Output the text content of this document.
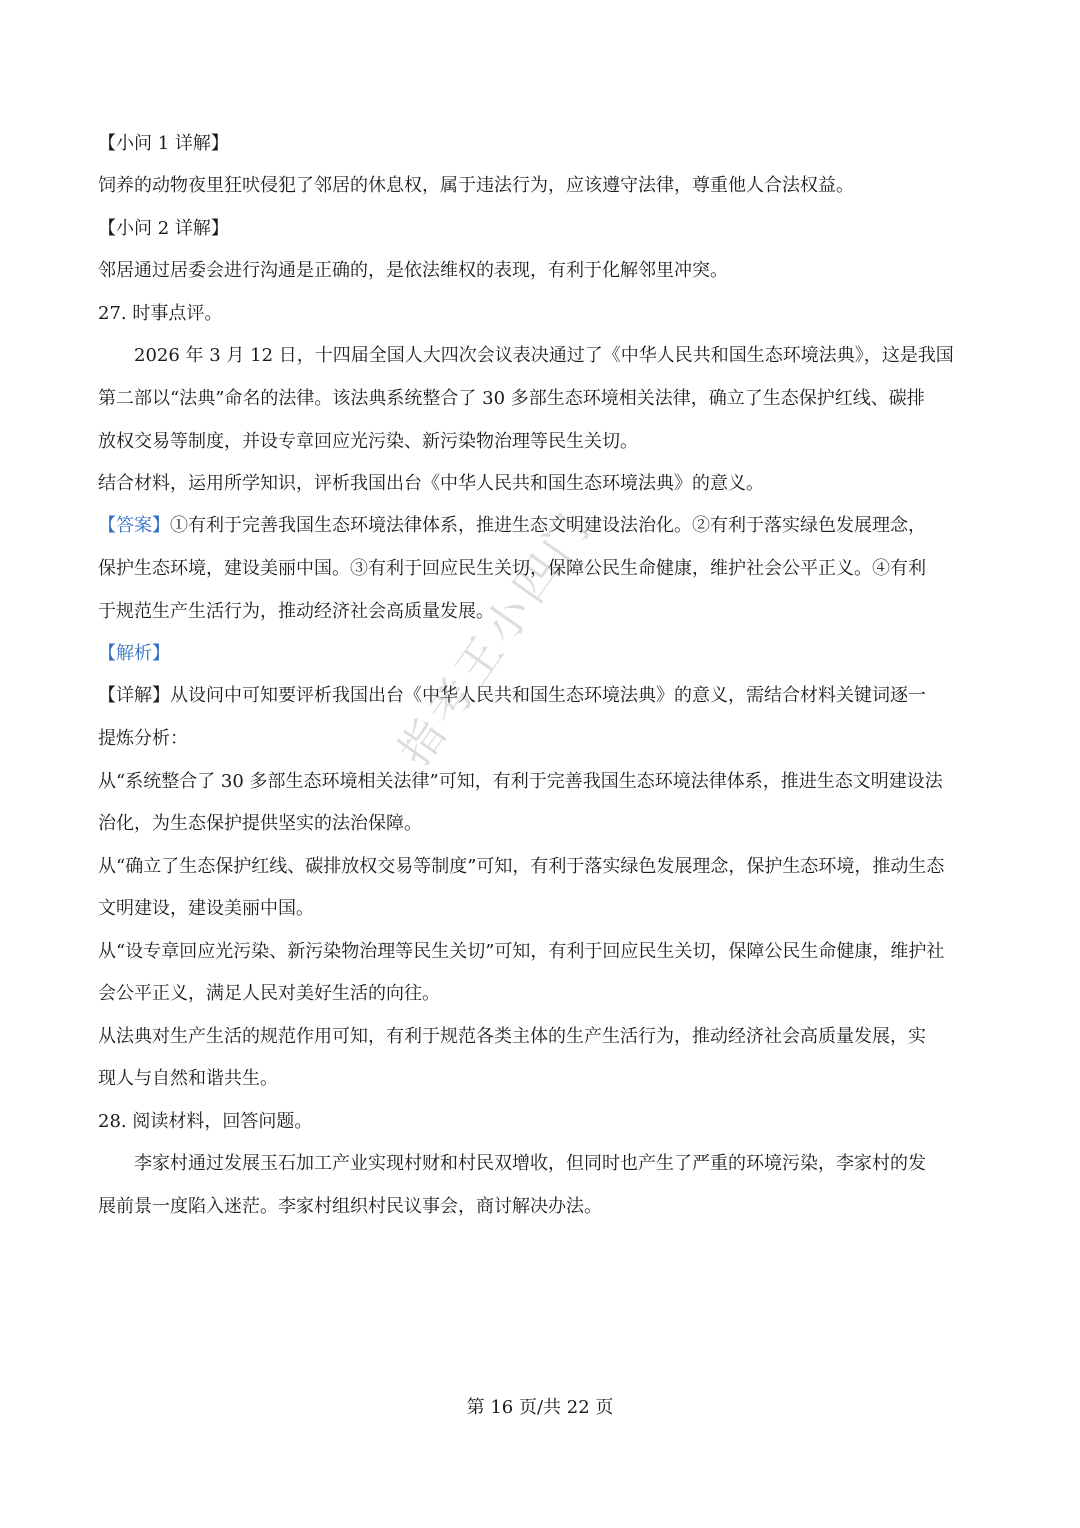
指考王小四门
【小问 1 详解】
饲养的动物夜里狂吠侵犯了邻居的休息权，属于违法行为，应该遵守法律，尊重他人合法权益。
【小问 2 详解】
邻居通过居委会进行沟通是正确的，是依法维权的表现，有利于化解邻里冲突。
27. 时事点评。
2026 年 3 月 12 日，十四届全国人大四次会议表决通过了《中华人民共和国生态环境法典》，这是我国
第二部以“法典”命名的法律。该法典系统整合了 30 多部生态环境相关法律，确立了生态保护红线、碳排
放权交易等制度，并设专章回应光污染、新污染物治理等民生关切。
结合材料，运用所学知识，评析我国出台《中华人民共和国生态环境法典》的意义。
【答案】①有利于完善我国生态环境法律体系，推进生态文明建设法治化。②有利于落实绿色发展理念，
保护生态环境，建设美丽中国。③有利于回应民生关切，保障公民生命健康，维护社会公平正义。④有利
于规范生产生活行为，推动经济社会高质量发展。
【解析】
【详解】从设问中可知要评析我国出台《中华人民共和国生态环境法典》的意义，需结合材料关键词逐一
提炼分析：
从“系统整合了 30 多部生态环境相关法律”可知，有利于完善我国生态环境法律体系，推进生态文明建设法
治化，为生态保护提供坚实的法治保障。
从“确立了生态保护红线、碳排放权交易等制度”可知，有利于落实绿色发展理念，保护生态环境，推动生态
文明建设，建设美丽中国。
从“设专章回应光污染、新污染物治理等民生关切”可知，有利于回应民生关切，保障公民生命健康，维护社
会公平正义，满足人民对美好生活的向往。
从法典对生产生活的规范作用可知，有利于规范各类主体的生产生活行为，推动经济社会高质量发展，实
现人与自然和谐共生。
28. 阅读材料，回答问题。
李家村通过发展玉石加工产业实现村财和村民双增收，但同时也产生了严重的环境污染，李家村的发
展前景一度陷入迷茫。李家村组织村民议事会，商讨解决办法。
第 16 页/共 22 页
